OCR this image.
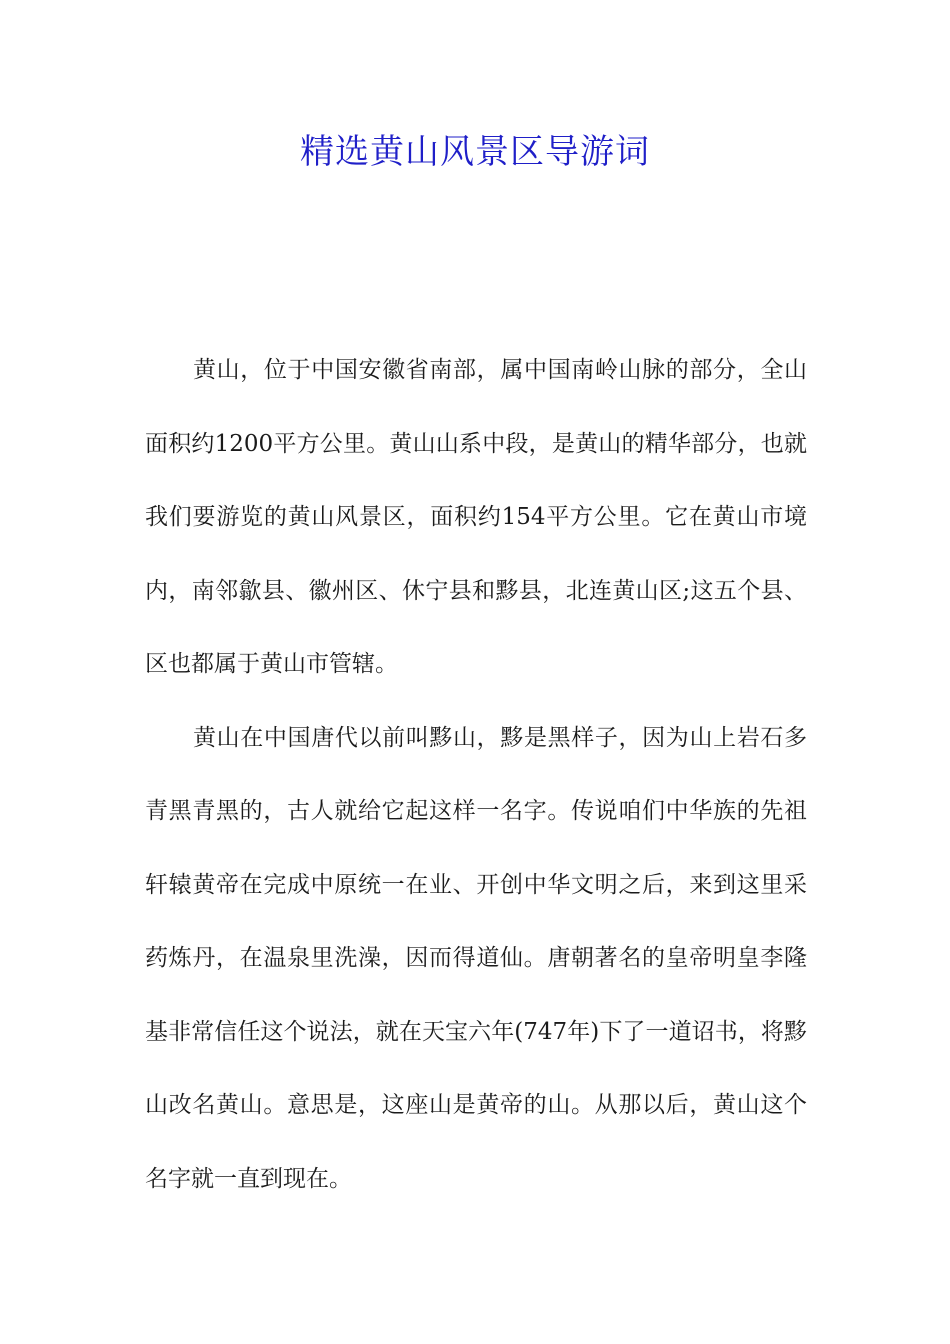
精选黄山风景区导游词

黄山，位于中国安徽省南部，属中国南岭山脉的部分，全山面积约1200平方公里。黄山山系中段，是黄山的精华部分，也就我们要游览的黄山风景区，面积约154平方公里。它在黄山市境内，南邻歙县、徽州区、休宁县和黟县，北连黄山区;这五个县、区也都属于黄山市管辖。

黄山在中国唐代以前叫黟山，黟是黑样子，因为山上岩石多青黑青黑的，古人就给它起这样一名字。传说咱们中华族的先祖轩辕黄帝在完成中原统一在业、开创中华文明之后，来到这里采药炼丹，在温泉里洗澡，因而得道仙。唐朝著名的皇帝明皇李隆基非常信任这个说法，就在天宝六年(747年)下了一道诏书，将黟山改名黄山。意思是，这座山是黄帝的山。从那以后，黄山这个名字就一直到现在。
